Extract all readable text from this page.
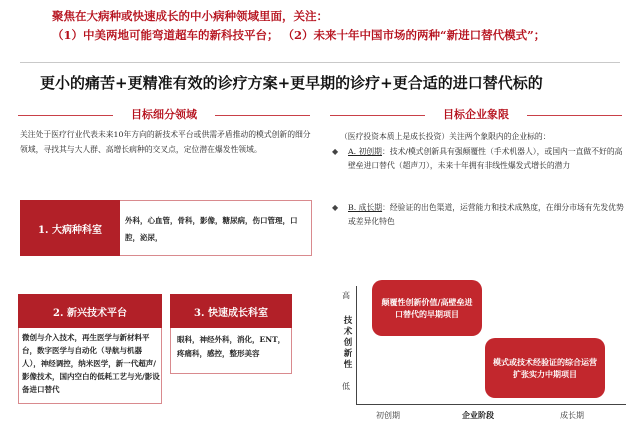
聚焦在大病种或快速成长的中小病种领域里面，关注：
（1）中美两地可能弯道超车的新科技平台； （2）未来十年中国市场的两种“新进口替代模式”；
更小的痛苦+更精准有效的诊疗方案+更早期的诊疗+更合适的进口替代标的
目标细分领域
关注处于医疗行业代表未来10年方向的新技术平台或供需矛盾推动的模式创新的细分领域，寻找其与大人群、高增长病种的交叉点，定位潜在爆发性领域。
外科，心血管，骨科，影像，糖尿病，伤口管理，口腔，泌尿，
1. 大病种科室
微创与介入技术，再生医学与新材料平台，数字医学与自动化（导航与机器人），神经调控，纳米医学，新一代超声/影像技术，国内空白的低耗工艺与光/影设备进口替代
2. 新兴技术平台
眼科，神经外科，消化，ENT，疼痛科，感控，整形美容
3. 快速成长科室
目标企业象限
（医疗投资本质上是成长投资）关注两个象限内的企业标的：
◆ A. 初创期：技术/模式创新具有强颠覆性（手术机器人），或国内一直做不好的高壁垒进口替代（超声刀），未来十年拥有非线性爆发式增长的潜力
◆ B. 成长期：经验证的出色渠道，运营能力和技术成熟度，在细分市场有先发优势或差异化特色
高
低
技术创新性
初创期	企业阶段	成长期
颠覆性创新价值/高壁垒进口替代的早期项目
模式或技术经验证的综合运营扩张实力中期项目
